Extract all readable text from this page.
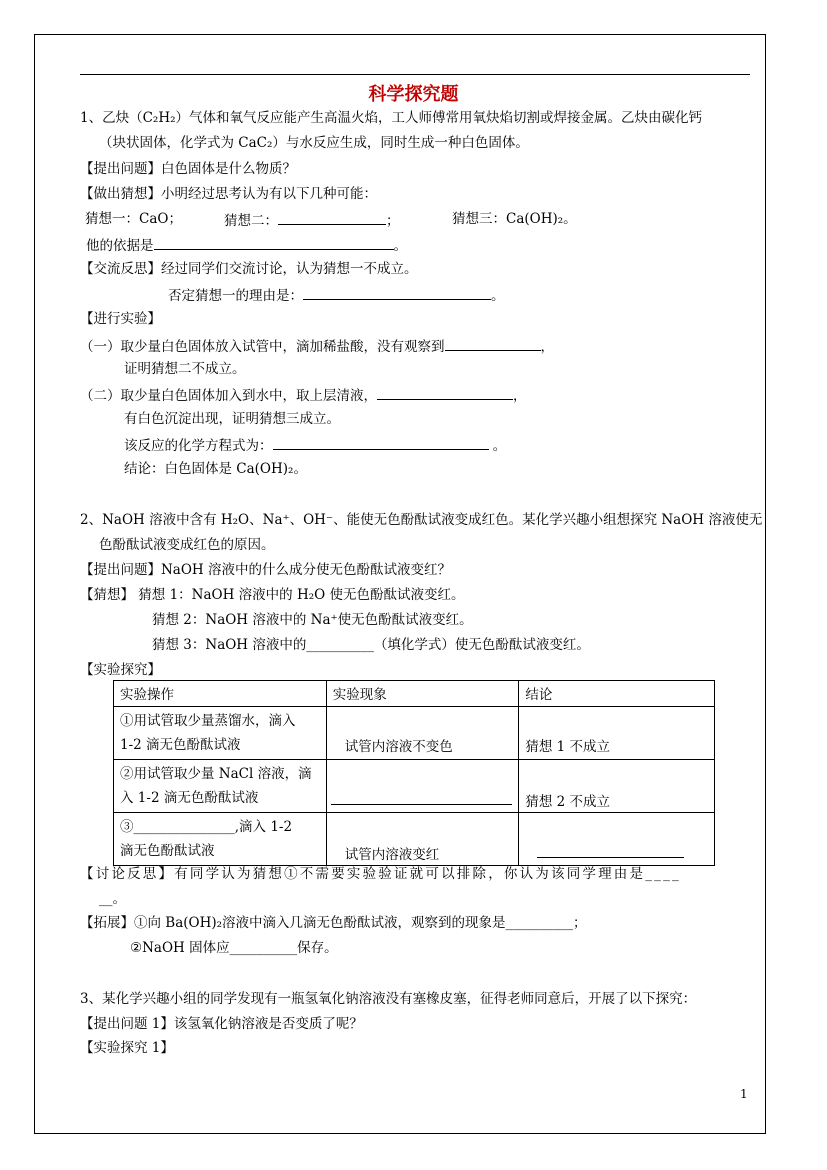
科学探究题
1、乙炔（C₂H₂）气体和氧气反应能产生高温火焰，工人师傅常用氧炔焰切割或焊接金属。乙炔由碳化钙
（块状固体，化学式为 CaC₂）与水反应生成，同时生成一种白色固体。
【提出问题】白色固体是什么物质？
【做出猜想】小明经过思考认为有以下几种可能：
猜想一：CaO；	猜想二：	；	猜想三：Ca(OH)₂。
他的依据是	。
【交流反思】经过同学们交流讨论，认为猜想一不成立。
否定猜想一的理由是：	。
【进行实验】
（一）取少量白色固体放入试管中，滴加稀盐酸，没有观察到	，
证明猜想二不成立。
（二）取少量白色固体加入到水中，取上层清液，	，
有白色沉淀出现，证明猜想三成立。
该反应的化学方程式为：	。
结论：白色固体是 Ca(OH)₂。
2、NaOH 溶液中含有 H₂O、Na⁺、OH⁻、能使无色酚酞试液变成红色。某化学兴趣小组想探究 NaOH 溶液使无
色酚酞试液变成红色的原因。
【提出问题】NaOH 溶液中的什么成分使无色酚酞试液变红？
【猜想】 猜想 1：NaOH 溶液中的 H₂O 使无色酚酞试液变红。
猜想 2：NaOH 溶液中的 Na⁺使无色酚酞试液变红。
猜想 3：NaOH 溶液中的__________（填化学式）使无色酚酞试液变红。
【实验探究】
实验操作	实验现象	结论

①用试管取少量蒸馏水，滴入
1-2 滴无色酚酞试液	试管内溶液不变色	猜想 1 不成立

②用试管取少量 NaCl 溶液，滴
入 1-2 滴无色酚酞试液		猜想 2 不成立

③_______________,滴入 1-2
滴无色酚酞试液	试管内溶液变红	
【讨论反思】有同学认为猜想①不需要实验验证就可以排除，你认为该同学理由是____
__。
【拓展】①向 Ba(OH)₂溶液中滴入几滴无色酚酞试液，观察到的现象是__________；
②NaOH 固体应__________保存。
3、某化学兴趣小组的同学发现有一瓶氢氧化钠溶液没有塞橡皮塞，征得老师同意后，开展了以下探究：
【提出问题 1】该氢氧化钠溶液是否变质了呢？
【实验探究 1】
1
